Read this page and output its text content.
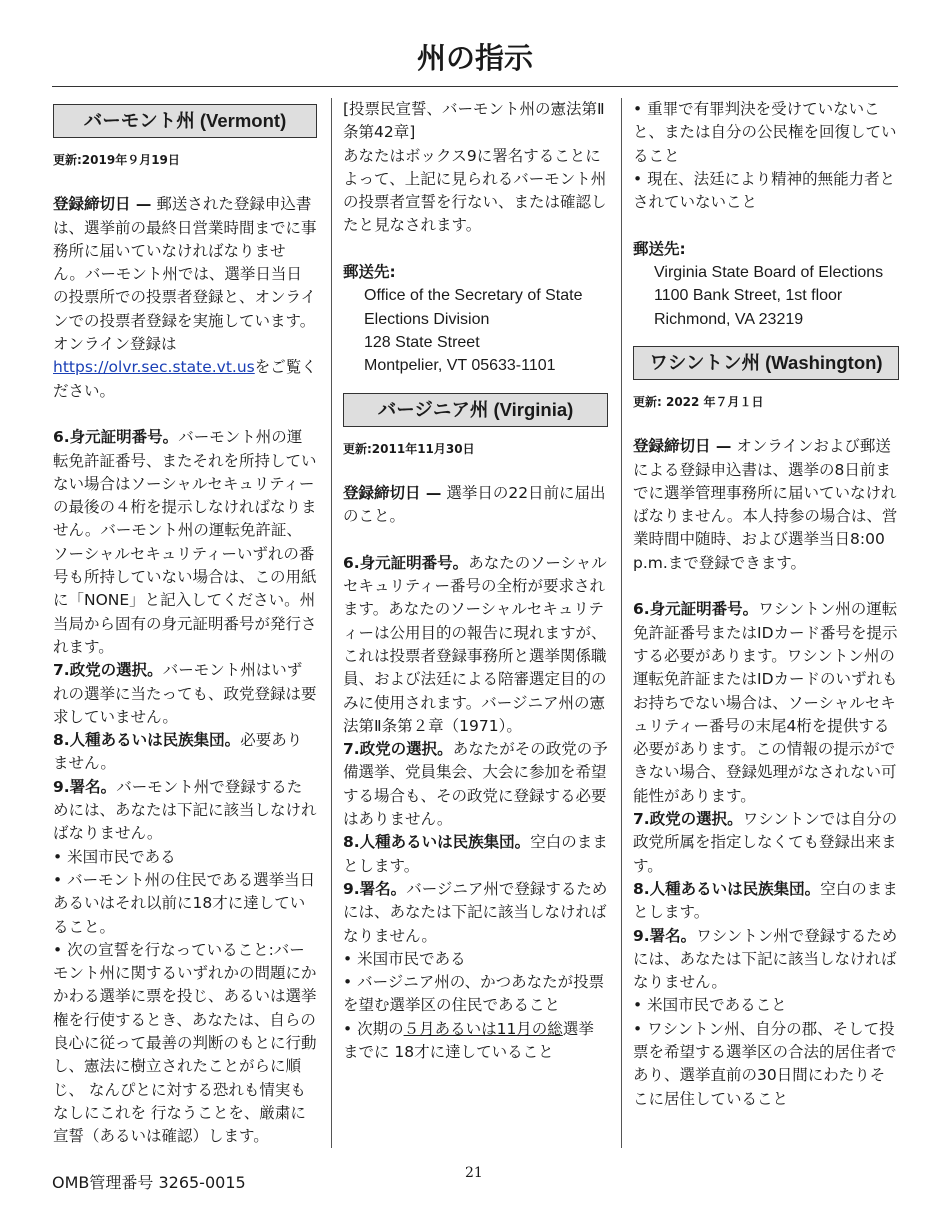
州の指示
バーモント州 (Vermont)

更新:2019年９月19日

登録締切日 — 郵送された登録申込書は、選挙前の最終日営業時間までに事務所に届いていなければなりません。バーモント州では、選挙日当日の投票所での投票者登録と、オンラインでの投票者登録を実施しています。オンライン登録はhttps://olvr.sec.state.vt.usをご覧ください。

6.身元証明番号。バーモント州の運転免許証番号、またそれを所持していない場合はソーシャルセキュリティーの最後の４桁を提示しなければなりません。バーモント州の運転免許証、ソーシャルセキュリティーいずれの番号も所持していない場合は、この用紙に「NONE」と記入してください。州当局から固有の身元証明番号が発行されます。

7.政党の選択。バーモント州はいずれの選挙に当たっても、政党登録は要求していません。

8.人種あるいは民族集団。必要ありません。

9.署名。バーモント州で登録するためには、あなたは下記に該当しなければなりません。

• 米国市民である

• バーモント州の住民である選挙当日あるいはそれ以前に18才に達していること。

• 次の宣誓を行なっていること:バーモント州に関するいずれかの問題にかかわる選挙に票を投じ、あるいは選挙権を行使するとき、あなたは、自らの良心に従って最善の判断のもとに行動し、憲法に樹立されたことがらに順じ、 なんぴとに対する恐れも情実もなしにこれを 行なうことを、厳粛に宣誓（あるいは確認）します。

[投票民宣誓、バーモント州の憲法第Ⅱ条第42章]

あなたはボックス9に署名することによって、上記に見られるバーモント州の投票者宣誓を行ない、または確認したと見なされます。

郵送先:

Office of the Secretary of State
Elections Division
128 State Street
Montpelier, VT 05633-1101
バージニア州 (Virginia)

更新:2011年11月30日

登録締切日 — 選挙日の22日前に届出のこと。

6.身元証明番号。あなたのソーシャルセキュリティー番号の全桁が要求されます。あなたのソーシャルセキュリティーは公用目的の報告に現れますが、これは投票者登録事務所と選挙関係職員、および法廷による陪審選定目的のみに使用されます。バージニア州の憲法第Ⅱ条第２章（1971）。

7.政党の選択。あなたがその政党の予備選挙、党員集会、大会に参加を希望する場合も、その政党に登録する必要はありません。

8.人種あるいは民族集団。空白のままとします。

9.署名。バージニア州で登録するためには、あなたは下記に該当しなければなりません。

• 米国市民である

• バージニア州の、かつあなたが投票を望む選挙区の住民であること

• 次期の５月あるいは11月の総選挙までに 18才に達していること

• 重罪で有罪判決を受けていないこと、または自分の公民権を回復していること

• 現在、法廷により精神的無能力者とされていないこと

郵送先:

Virginia State Board of Elections
1100 Bank Street, 1st floor
Richmond, VA 23219
ワシントン州 (Washington)

更新: 2022 年７月１日

登録締切日 — オンラインおよび郵送による登録申込書は、選挙の8日前までに選挙管理事務所に届いていなければなりません。本人持参の場合は、営業時間中随時、および選挙当日8:00 p.m.まで登録できます。

6.身元証明番号。ワシントン州の運転免許証番号またはIDカード番号を提示する必要があります。ワシントン州の運転免許証またはIDカードのいずれもお持ちでない場合は、ソーシャルセキュリティー番号の末尾4桁を提供する必要があります。この情報の提示ができない場合、登録処理がなされない可能性があります。

7.政党の選択。ワシントンでは自分の政党所属を指定しなくても登録出来ます。

8.人種あるいは民族集団。空白のままとします。

9.署名。ワシントン州で登録するためには、あなたは下記に該当しなければなりません。

• 米国市民であること

• ワシントン州、自分の郡、そして投票を希望する選挙区の合法的居住者であり、選挙直前の30日間にわたりそこに居住していること

OMB管理番号 3265-0015	21
